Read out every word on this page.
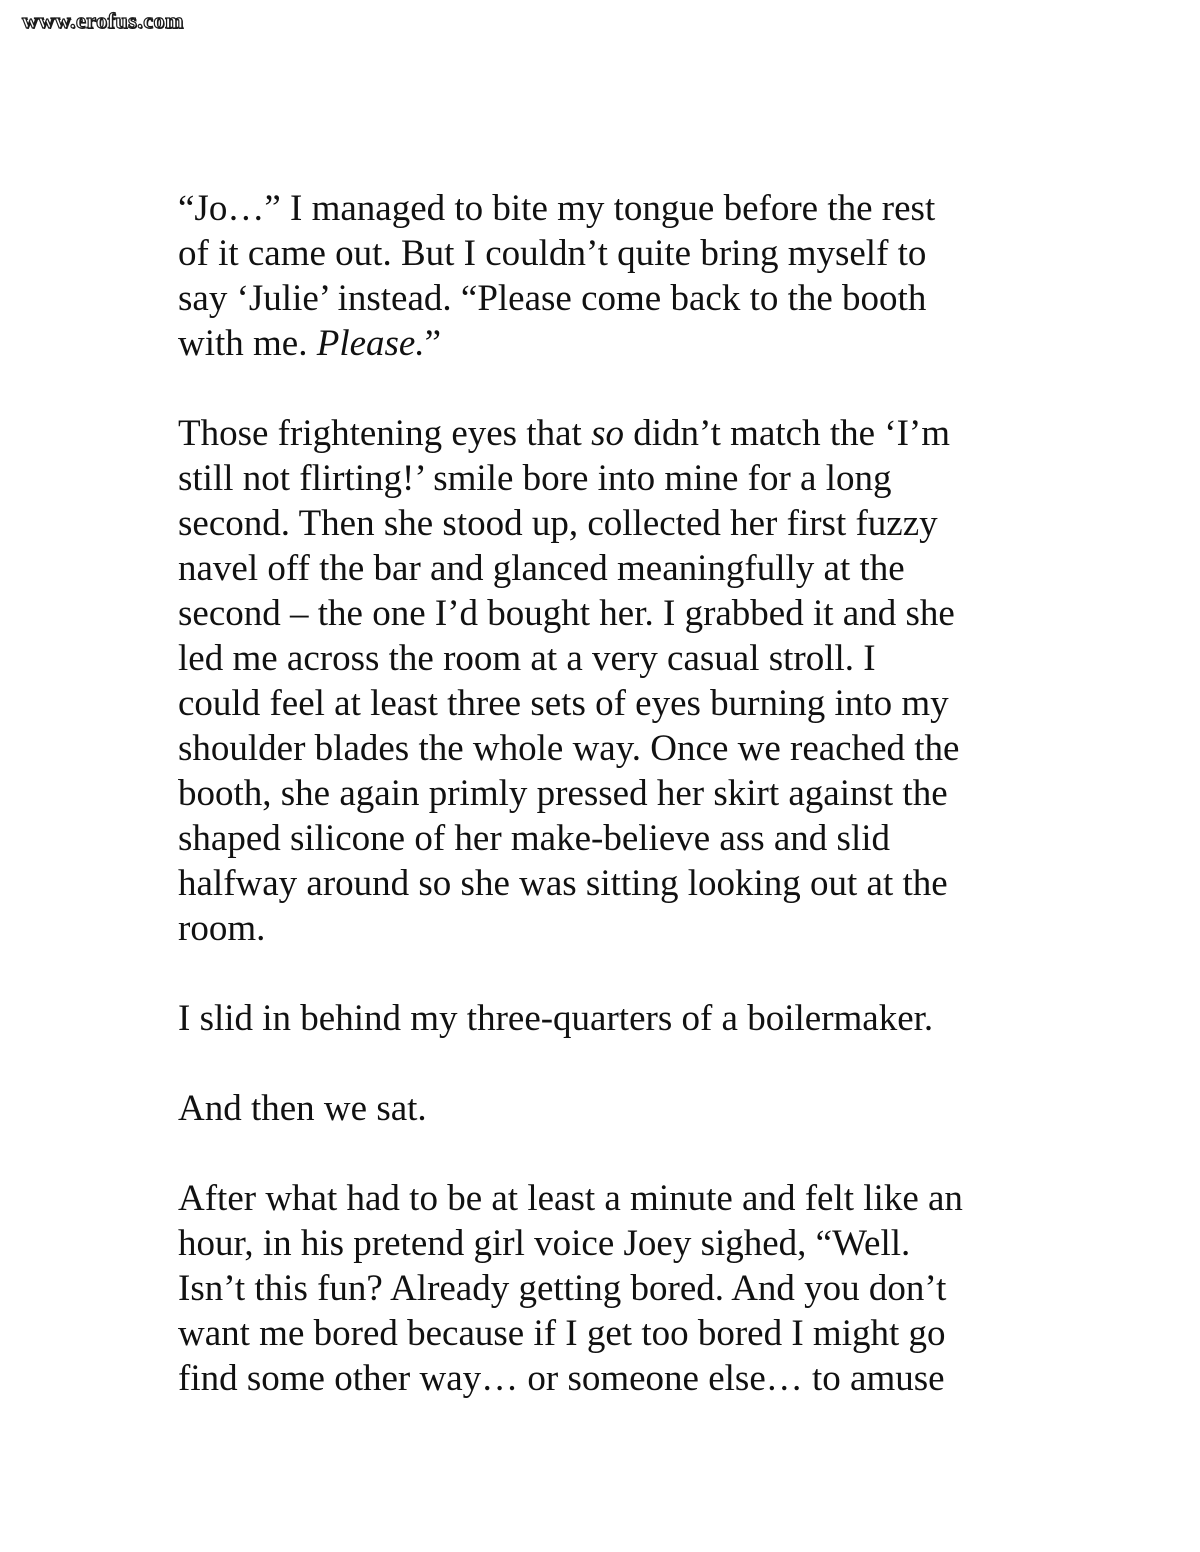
www.erofus.com
“Jo…” I managed to bite my tongue before the rest
of it came out. But I couldn’t quite bring myself to
say ‘Julie’ instead. “Please come back to the booth
with me. Please.”
Those frightening eyes that so didn’t match the ‘I’m
still not flirting!’ smile bore into mine for a long
second. Then she stood up, collected her first fuzzy
navel off the bar and glanced meaningfully at the
second – the one I’d bought her. I grabbed it and she
led me across the room at a very casual stroll. I
could feel at least three sets of eyes burning into my
shoulder blades the whole way. Once we reached the
booth, she again primly pressed her skirt against the
shaped silicone of her make-believe ass and slid
halfway around so she was sitting looking out at the
room.
I slid in behind my three-quarters of a boilermaker.
And then we sat.
After what had to be at least a minute and felt like an
hour, in his pretend girl voice Joey sighed, “Well.
Isn’t this fun? Already getting bored. And you don’t
want me bored because if I get too bored I might go
find some other way… or someone else… to amuse
